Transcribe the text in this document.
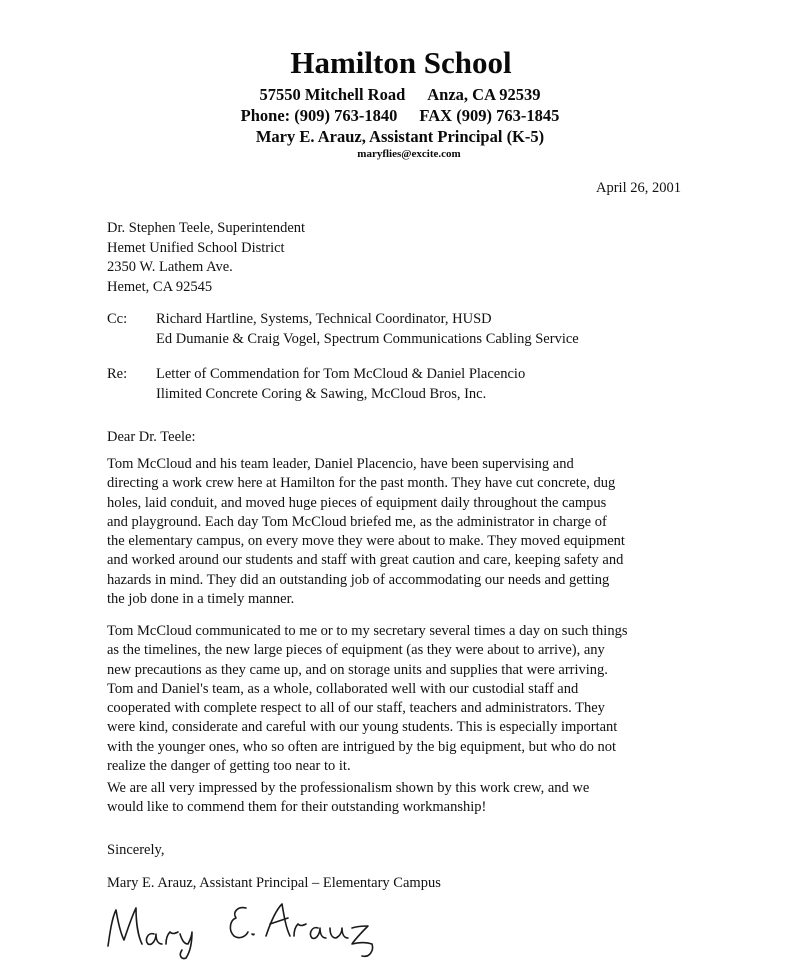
Hamilton School
57550 Mitchell Road Anza, CA 92539
Phone: (909) 763-1840 FAX (909) 763-1845
Mary E. Arauz, Assistant Principal (K-5)
maryflies@excite.com
April 26, 2001
Dr. Stephen Teele, Superintendent
Hemet Unified School District
2350 W. Lathem Ave.
Hemet, CA 92545
Cc:	Richard Hartline, Systems, Technical Coordinator, HUSD
Ed Dumanie & Craig Vogel, Spectrum Communications Cabling Service
Re:	Letter of Commendation for Tom McCloud & Daniel Placencio
Ilimited Concrete Coring & Sawing, McCloud Bros, Inc.
Dear Dr. Teele:
Tom McCloud and his team leader, Daniel Placencio, have been supervising and
directing a work crew here at Hamilton for the past month. They have cut concrete, dug
holes, laid conduit, and moved huge pieces of equipment daily throughout the campus
and playground. Each day Tom McCloud briefed me, as the administrator in charge of
the elementary campus, on every move they were about to make. They moved equipment
and worked around our students and staff with great caution and care, keeping safety and
hazards in mind. They did an outstanding job of accommodating our needs and getting
the job done in a timely manner.
Tom McCloud communicated to me or to my secretary several times a day on such things
as the timelines, the new large pieces of equipment (as they were about to arrive), any
new precautions as they came up, and on storage units and supplies that were arriving.
Tom and Daniel's team, as a whole, collaborated well with our custodial staff and
cooperated with complete respect to all of our staff, teachers and administrators. They
were kind, considerate and careful with our young students. This is especially important
with the younger ones, who so often are intrigued by the big equipment, but who do not
realize the danger of getting too near to it.
We are all very impressed by the professionalism shown by this work crew, and we
would like to commend them for their outstanding workmanship!
Sincerely,
Mary E. Arauz, Assistant Principal – Elementary Campus
